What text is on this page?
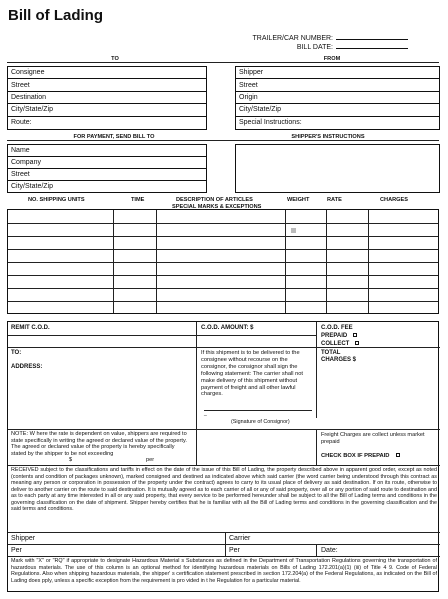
Bill of Lading
TRAILER/CAR NUMBER:
BILL DATE:
TO	FROM
Consignee
Street
Destination
City/State/Zip
Route:
Shipper
Street
Origin
City/State/Zip
Special Instructions:
FOR PAYMENT, SEND BILL TO	SHIPPER'S INSTRUCTIONS
Name
Company
Street
City/State/Zip
NO. SHIPPING UNITS	TIME	DESCRIPTION OF ARTICLES
SPECIAL MARKS & EXCEPTIONS
WEIGHT	RATE	CHARGES
REMIT C.O.D.	C.O.D. AMOUNT: $	C.O.D. FEE
PREPAID
COLLECT
TO:
ADDRESS:
If this shipment is to be delivered to the consignee without recourse on the consignor, the consignor shall sign the following statement: The carrier shall not make delivery of this shipment without payment of freight and all other lawful charges.
_
(Signature of Consignor)
TOTAL
CHARGES $
NOTE: W here the rate is dependent on value, shippers are required to state specifically in writing the agreed or declared value of the property. The agreed or declared value of the property is hereby specifically stated by the shipper to be not exceeding
$	per
Freight Charges are collect unless market prepaid
CHECK BOX IF PREPAID
RECEIVED subject to the classifications and tariffs in effect on the date of the issue of this Bill of Lading, the property described above in apparent good order, except as noted (contents and condition of packages unknown), marked consigned and destined as indicated above which said carrier (the word carrier being understood through this contract as meaning any person or corporation in possession of the property under the contract) agrees to carry to its usual place of delivery as said destination. If on its route, otherwise to deliver to another carrier on the route to said destination. It is mutually agreed as to each carrier of all or any of said property, over all or any portion of said route to destination and as to each party at any time interested in all or any said property, that every service to be performed hereunder shall be subject to all the Bill of Lading terms and conditions in the governing classification on the date of shipment. Shipper hereby certifies that he is familiar with all the Bill of Lading terms and conditions in the governing classification and the said terms and conditions.
Shipper	Carrier
Per	Per	Date:
Mark with "X" or "RQ" if appropriate to designate Hazardous Material s Substances as defined in the Department of Transportation Regulations governing the transportation of hazardous materials. The use of this column is an optional method for identifying hazardous materials on Bills of Lading 172.201(a)(1) (iii) of Title 4 9. Code of Federal Regulations. Also when shipping hazardous materials, the shipper' s certification statement prescribed in section 172.204(a) of the Federal Regulations, as indicated on the Bill of Lading does pply, unless a specific exception from the requirement is pro vided in t he Regulation for a particular material.
